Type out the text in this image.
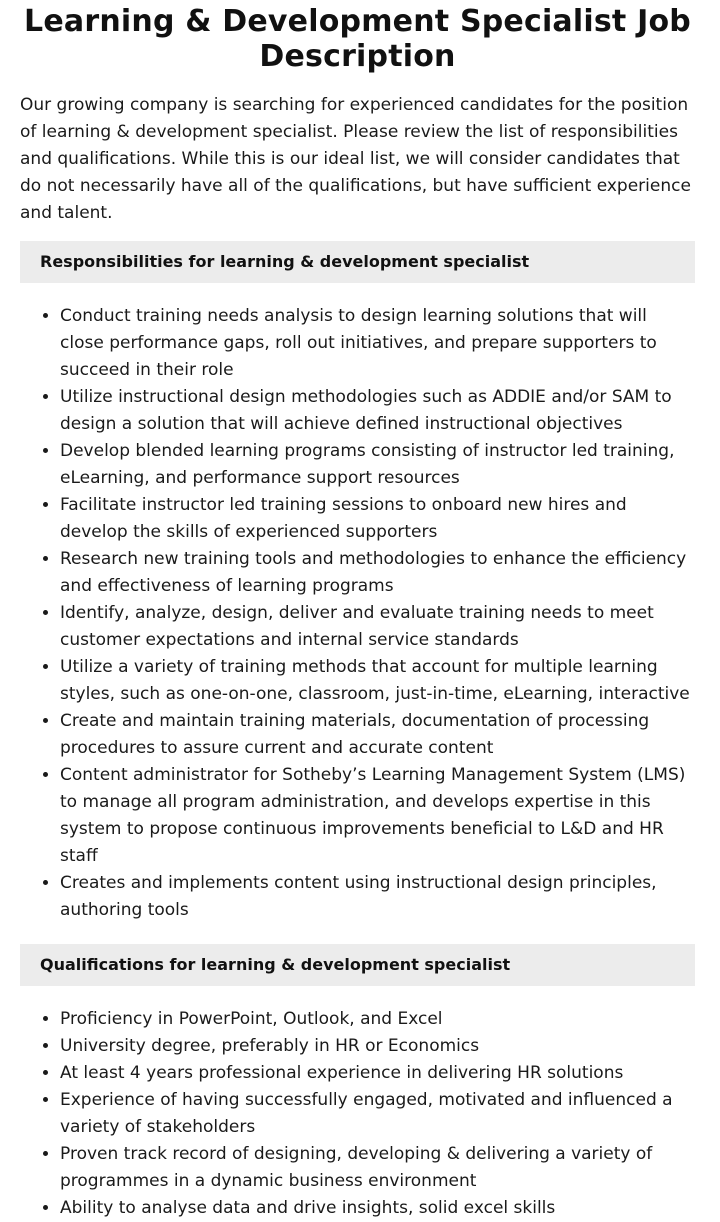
Learning & Development Specialist Job Description

Our growing company is searching for experienced candidates for the position of learning & development specialist. Please review the list of responsibilities and qualifications. While this is our ideal list, we will consider candidates that do not necessarily have all of the qualifications, but have sufficient experience and talent.

Responsibilities for learning & development specialist
• Conduct training needs analysis to design learning solutions that will close performance gaps, roll out initiatives, and prepare supporters to succeed in their role
• Utilize instructional design methodologies such as ADDIE and/or SAM to design a solution that will achieve defined instructional objectives
• Develop blended learning programs consisting of instructor led training, eLearning, and performance support resources
• Facilitate instructor led training sessions to onboard new hires and develop the skills of experienced supporters
• Research new training tools and methodologies to enhance the efficiency and effectiveness of learning programs
• Identify, analyze, design, deliver and evaluate training needs to meet customer expectations and internal service standards
• Utilize a variety of training methods that account for multiple learning styles, such as one-on-one, classroom, just-in-time, eLearning, interactive
• Create and maintain training materials, documentation of processing procedures to assure current and accurate content
• Content administrator for Sotheby’s Learning Management System (LMS) to manage all program administration, and develops expertise in this system to propose continuous improvements beneficial to L&D and HR staff
• Creates and implements content using instructional design principles, authoring tools
Qualifications for learning & development specialist
• Proficiency in PowerPoint, Outlook, and Excel
• University degree, preferably in HR or Economics
• At least 4 years professional experience in delivering HR solutions
• Experience of having successfully engaged, motivated and influenced a variety of stakeholders
• Proven track record of designing, developing & delivering a variety of programmes in a dynamic business environment
• Ability to analyse data and drive insights, solid excel skills
